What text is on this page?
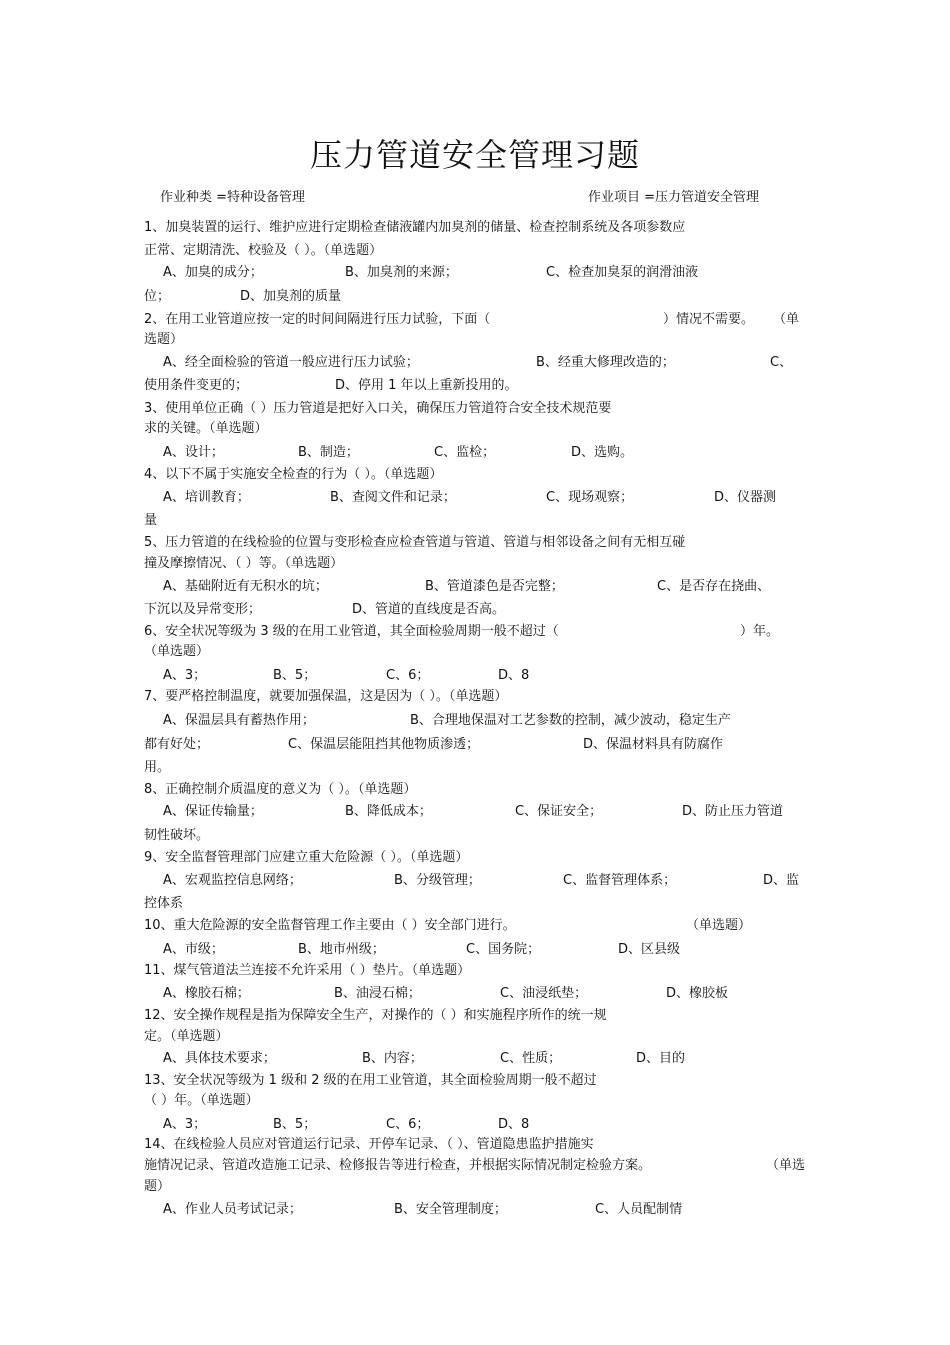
压力管道安全管理习题
作业种类 =特种设备管理	作业项目 =压力管道安全管理
1、加臭装置的运行、维护应进行定期检查储液罐内加臭剂的储量、检查控制系统及各项参数应
正常、定期清洗、校验及（ ）。（单选题）
A、加臭的成分；	B、加臭剂的来源；	C、检查加臭泵的润滑油液
位；	D、加臭剂的质量
2、在用工业管道应按一定的时间间隔进行压力试验，下面（	）情况不需要。 （单
选题）
A、经全面检验的管道一般应进行压力试验；	B、经重大修理改造的；	C、
使用条件变更的；	D、停用 1 年以上重新投用的。
3、使用单位正确（ ）压力管道是把好入口关，确保压力管道符合安全技术规范要
求的关键。（单选题）
A、设计；	B、制造；	C、监检；	D、选购。
4、以下不属于实施安全检查的行为（ ）。（单选题）
A、培训教育；	B、查阅文件和记录；	C、现场观察；	D、仪器测
量
5、压力管道的在线检验的位置与变形检查应检查管道与管道、管道与相邻设备之间有无相互碰
撞及摩擦情况、（ ）等。（单选题）
A、基础附近有无积水的坑；	B、管道漆色是否完整；	C、是否存在挠曲、
下沉以及异常变形；	D、管道的直线度是否高。
6、安全状况等级为 3 级的在用工业管道，其全面检验周期一般不超过（	）年。
（单选题）
A、3；	B、5；	C、6；	D、8
7、要严格控制温度，就要加强保温，这是因为（ ）。（单选题）
A、保温层具有蓄热作用；	B、合理地保温对工艺参数的控制，减少波动，稳定生产
都有好处；	C、保温层能阻挡其他物质渗透；	D、保温材料具有防腐作
用。
8、正确控制介质温度的意义为（ ）。（单选题）
A、保证传输量；	B、降低成本；	C、保证安全；	D、防止压力管道
韧性破坏。
9、安全监督管理部门应建立重大危险源（ ）。（单选题）
A、宏观监控信息网络；	B、分级管理；	C、监督管理体系；	D、监
控体系
10、重大危险源的安全监督管理工作主要由（ ）安全部门进行。	（单选题）
A、市级；	B、地市州级；	C、国务院；	D、区县级
11、煤气管道法兰连接不允许采用（ ）垫片。（单选题）
A、橡胶石棉；	B、油浸石棉；	C、油浸纸垫；	D、橡胶板
12、安全操作规程是指为保障安全生产，对操作的（ ）和实施程序所作的统一规
定。（单选题）
A、具体技术要求；	B、内容；	C、性质；	D、目的
13、安全状况等级为 1 级和 2 级的在用工业管道，其全面检验周期一般不超过
（ ）年。（单选题）
A、3；	B、5；	C、6；	D、8
14、在线检验人员应对管道运行记录、开停车记录、（ ）、管道隐患监护措施实
施情况记录、管道改造施工记录、检修报告等进行检查，并根据实际情况制定检验方案。	（单选
题）
A、作业人员考试记录；	B、安全管理制度；	C、人员配制情
